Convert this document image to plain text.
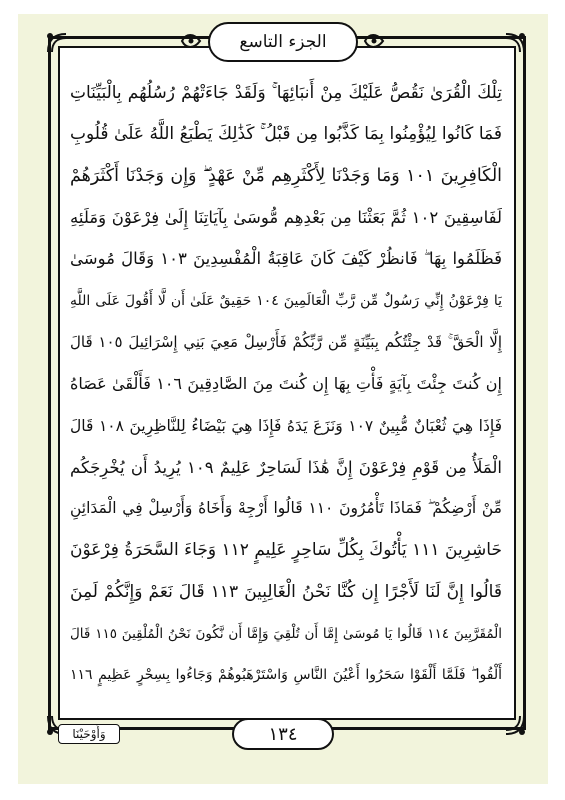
الجزء التاسع
تِلْكَ الْقُرَىٰ نَقُصُّ عَلَيْكَ مِنْ أَنبَائِهَا ۚ وَلَقَدْ جَاءَتْهُمْ رُسُلُهُم بِالْبَيِّنَاتِ
فَمَا كَانُوا لِيُؤْمِنُوا بِمَا كَذَّبُوا مِن قَبْلُ ۚ كَذَٰلِكَ يَطْبَعُ اللَّهُ عَلَىٰ قُلُوبِ
الْكَافِرِينَ ١٠١ وَمَا وَجَدْنَا لِأَكْثَرِهِم مِّنْ عَهْدٍ ۖ وَإِن وَجَدْنَا أَكْثَرَهُمْ
لَفَاسِقِينَ ١٠٢ ثُمَّ بَعَثْنَا مِن بَعْدِهِم مُّوسَىٰ بِآيَاتِنَا إِلَىٰ فِرْعَوْنَ وَمَلَئِهِ
فَظَلَمُوا بِهَا ۖ فَانظُرْ كَيْفَ كَانَ عَاقِبَةُ الْمُفْسِدِينَ ١٠٣ وَقَالَ مُوسَىٰ
يَا فِرْعَوْنُ إِنِّي رَسُولٌ مِّن رَّبِّ الْعَالَمِينَ ١٠٤ حَقِيقٌ عَلَىٰ أَن لَّا أَقُولَ عَلَى اللَّهِ
إِلَّا الْحَقَّ ۚ قَدْ جِئْتُكُم بِبَيِّنَةٍ مِّن رَّبِّكُمْ فَأَرْسِلْ مَعِيَ بَنِي إِسْرَائِيلَ ١٠٥ قَالَ
إِن كُنتَ جِئْتَ بِآيَةٍ فَأْتِ بِهَا إِن كُنتَ مِنَ الصَّادِقِينَ ١٠٦ فَأَلْقَىٰ عَصَاهُ
فَإِذَا هِيَ ثُعْبَانٌ مُّبِينٌ ١٠٧ وَنَزَعَ يَدَهُ فَإِذَا هِيَ بَيْضَاءُ لِلنَّاظِرِينَ ١٠٨ قَالَ
الْمَلَأُ مِن قَوْمِ فِرْعَوْنَ إِنَّ هَٰذَا لَسَاحِرٌ عَلِيمٌ ١٠٩ يُرِيدُ أَن يُخْرِجَكُم
مِّنْ أَرْضِكُمْ ۖ فَمَاذَا تَأْمُرُونَ ١١٠ قَالُوا أَرْجِهْ وَأَخَاهُ وَأَرْسِلْ فِي الْمَدَائِنِ
حَاشِرِينَ ١١١ يَأْتُوكَ بِكُلِّ سَاحِرٍ عَلِيمٍ ١١٢ وَجَاءَ السَّحَرَةُ فِرْعَوْنَ
قَالُوا إِنَّ لَنَا لَأَجْرًا إِن كُنَّا نَحْنُ الْغَالِبِينَ ١١٣ قَالَ نَعَمْ وَإِنَّكُمْ لَمِنَ
الْمُقَرَّبِينَ ١١٤ قَالُوا يَا مُوسَىٰ إِمَّا أَن تُلْقِيَ وَإِمَّا أَن نَّكُونَ نَحْنُ الْمُلْقِينَ ١١٥ قَالَ
أَلْقُوا ۖ فَلَمَّا أَلْقَوْا سَحَرُوا أَعْيُنَ النَّاسِ وَاسْتَرْهَبُوهُمْ وَجَاءُوا بِسِحْرٍ عَظِيمٍ ١١٦
وَأَوْحَيْنَا	١٣٤
